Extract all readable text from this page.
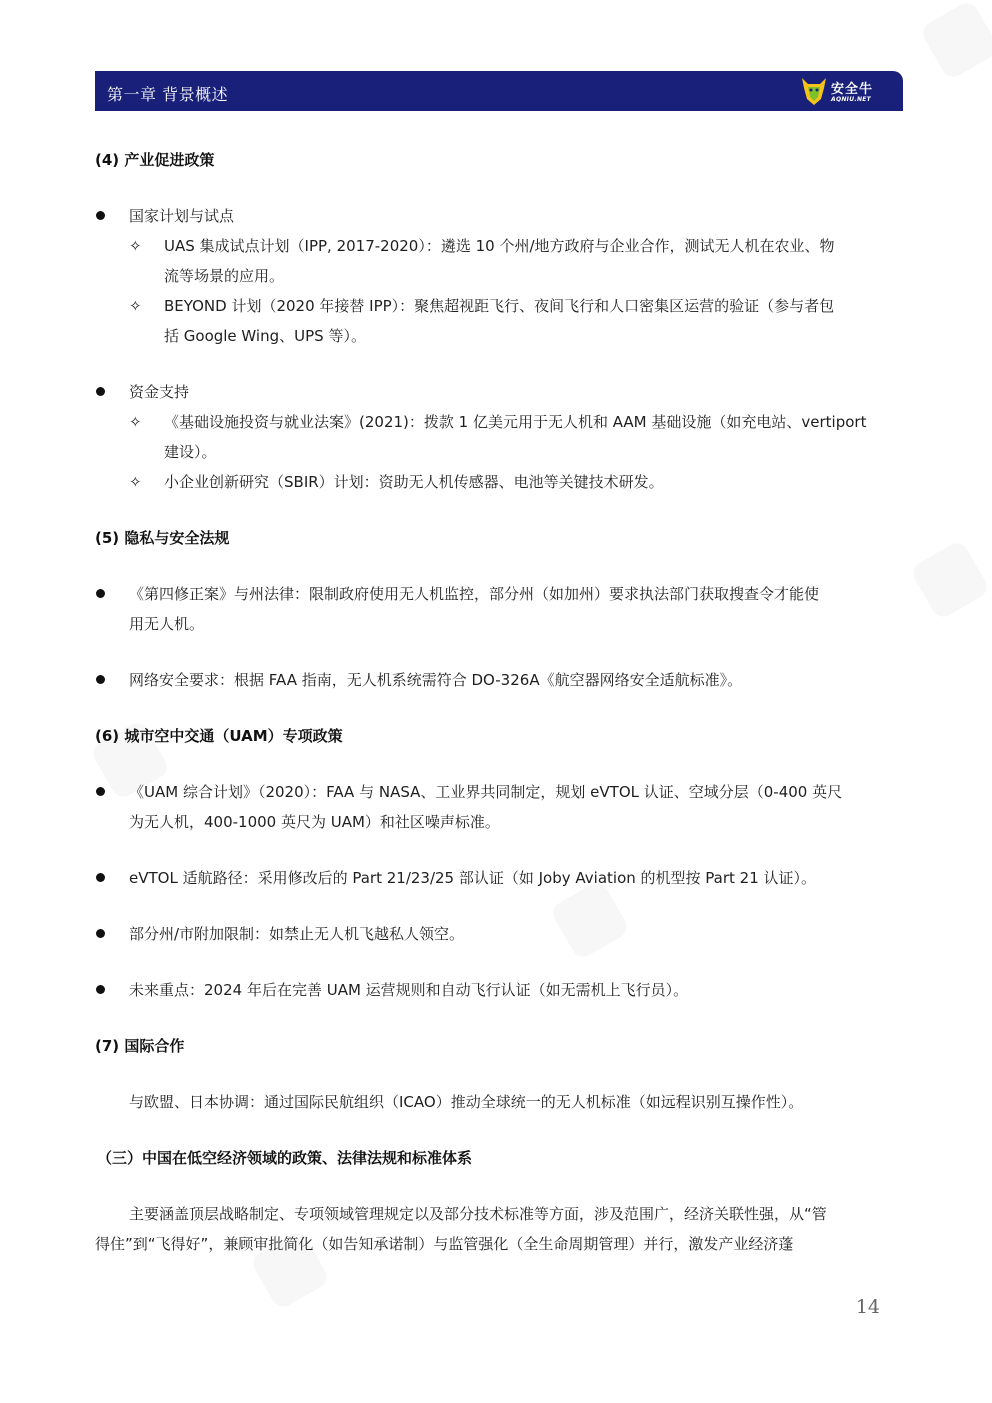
第一章 背景概述	安全牛
AQNIU.NET
(4) 产业促进政策
国家计划与试点
✧ UAS 集成试点计划（IPP, 2017-2020）：遴选 10 个州/地方政府与企业合作，测试无人机在农业、物
流等场景的应用。
✧ BEYOND 计划（2020 年接替 IPP）：聚焦超视距飞行、夜间飞行和人口密集区运营的验证（参与者包
括 Google Wing、UPS 等）。
资金支持
✧ 《基础设施投资与就业法案》(2021)：拨款 1 亿美元用于无人机和 AAM 基础设施（如充电站、vertiport
建设）。
✧ 小企业创新研究（SBIR）计划：资助无人机传感器、电池等关键技术研发。
(5) 隐私与安全法规
《第四修正案》与州法律：限制政府使用无人机监控，部分州（如加州）要求执法部门获取搜查令才能使
用无人机。
网络安全要求：根据 FAA 指南，无人机系统需符合 DO-326A《航空器网络安全适航标准》。
(6) 城市空中交通（UAM）专项政策
《UAM 综合计划》（2020）：FAA 与 NASA、工业界共同制定，规划 eVTOL 认证、空域分层（0-400 英尺
为无人机，400-1000 英尺为 UAM）和社区噪声标准。
eVTOL 适航路径：采用修改后的 Part 21/23/25 部认证（如 Joby Aviation 的机型按 Part 21 认证）。
部分州/市附加限制：如禁止无人机飞越私人领空。
未来重点：2024 年后在完善 UAM 运营规则和自动飞行认证（如无需机上飞行员）。
(7) 国际合作
与欧盟、日本协调：通过国际民航组织（ICAO）推动全球统一的无人机标准（如远程识别互操作性）。
（三）中国在低空经济领域的政策、法律法规和标准体系
主要涵盖顶层战略制定、专项领域管理规定以及部分技术标准等方面，涉及范围广，经济关联性强，从“管
得住”到“飞得好”，兼顾审批简化（如告知承诺制）与监管强化（全生命周期管理）并行，激发产业经济蓬
14
